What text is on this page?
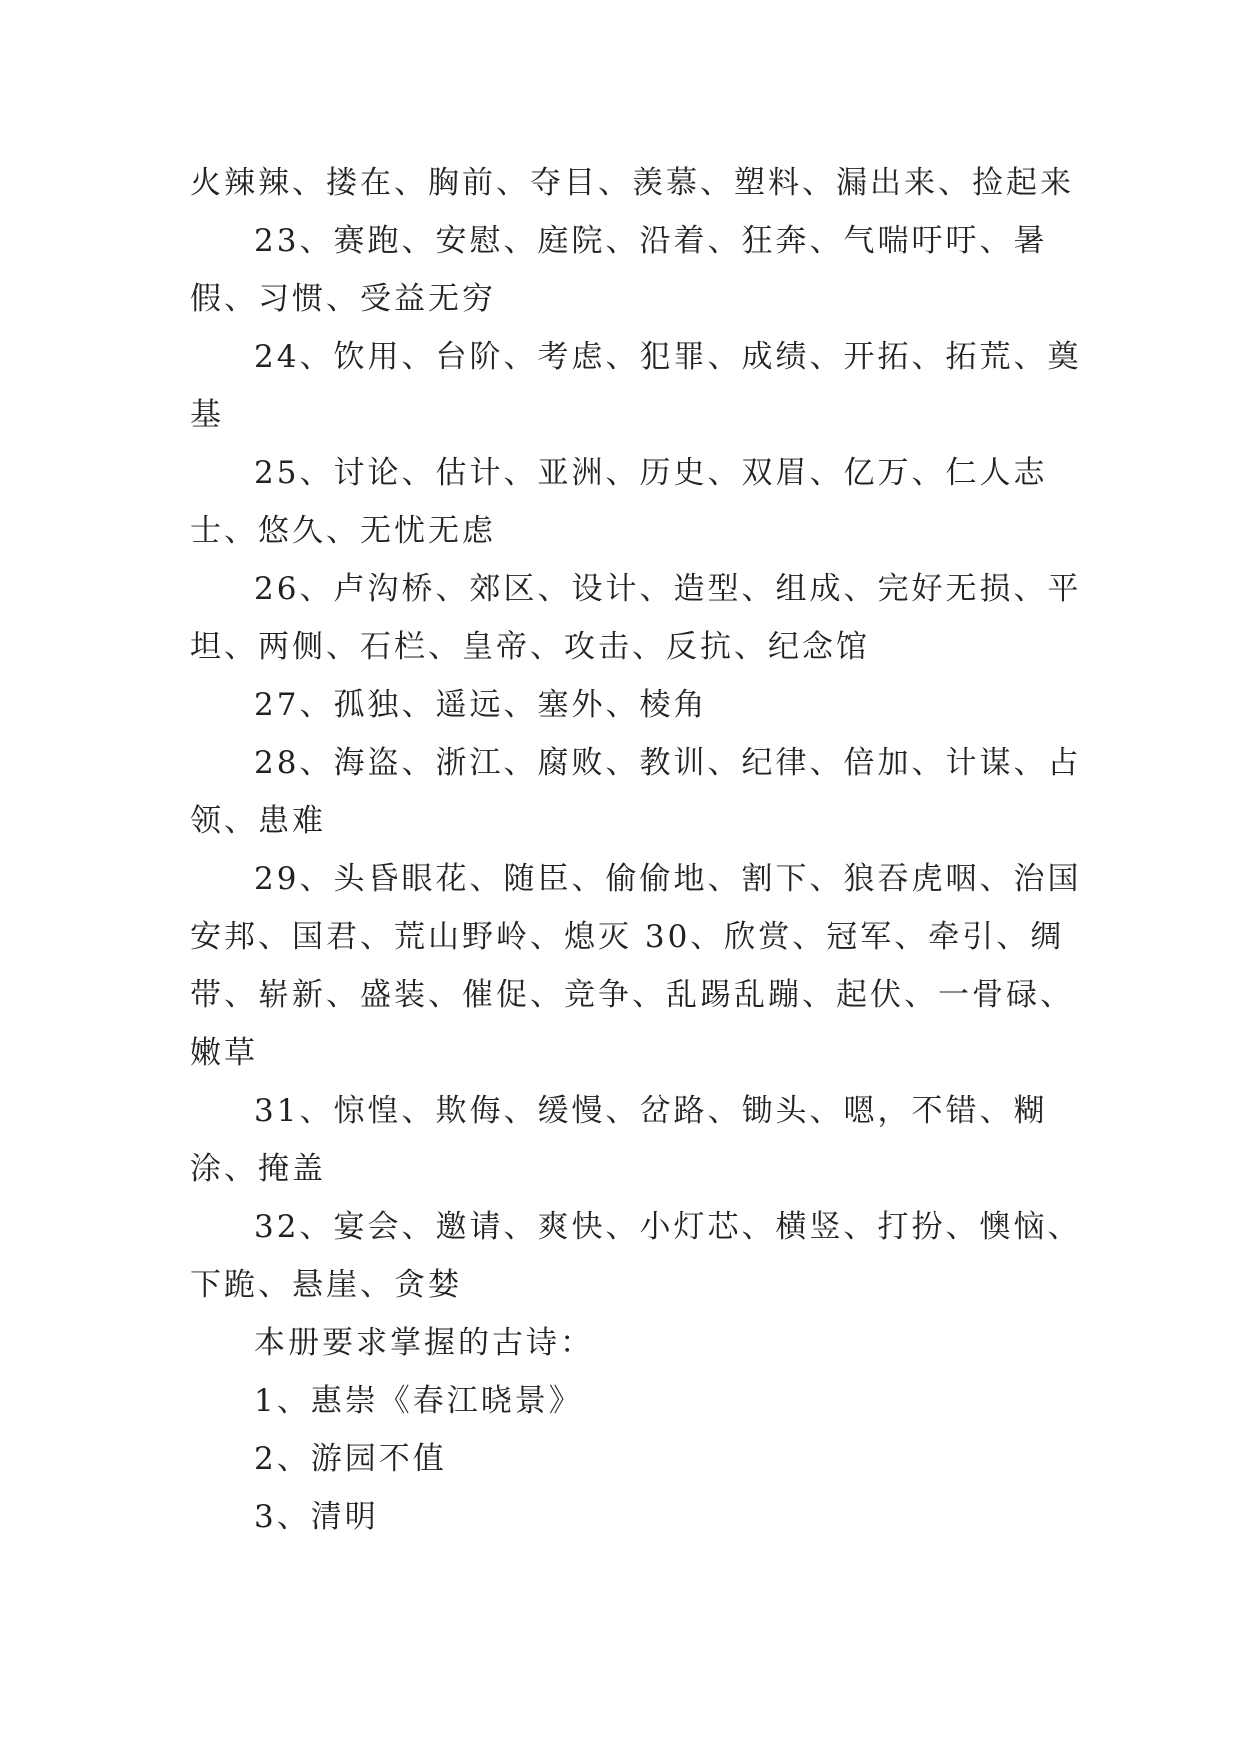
火辣辣、搂在、胸前、夺目、羡慕、塑料、漏出来、捡起来

23、赛跑、安慰、庭院、沿着、狂奔、气喘吁吁、暑假、习惯、受益无穷

24、饮用、台阶、考虑、犯罪、成绩、开拓、拓荒、奠基

25、讨论、估计、亚洲、历史、双眉、亿万、仁人志士、悠久、无忧无虑

26、卢沟桥、郊区、设计、造型、组成、完好无损、平坦、两侧、石栏、皇帝、攻击、反抗、纪念馆

27、孤独、遥远、塞外、棱角

28、海盗、浙江、腐败、教训、纪律、倍加、计谋、占领、患难

29、头昏眼花、随臣、偷偷地、割下、狼吞虎咽、治国安邦、国君、荒山野岭、熄灭 30、欣赏、冠军、牵引、绸带、崭新、盛装、催促、竞争、乱踢乱蹦、起伏、一骨碌、嫩草

31、惊惶、欺侮、缓慢、岔路、锄头、嗯，不错、糊涂、掩盖

32、宴会、邀请、爽快、小灯芯、横竖、打扮、懊恼、下跪、悬崖、贪婪

本册要求掌握的古诗：

1、惠崇《春江晓景》

2、游园不值

3、清明
